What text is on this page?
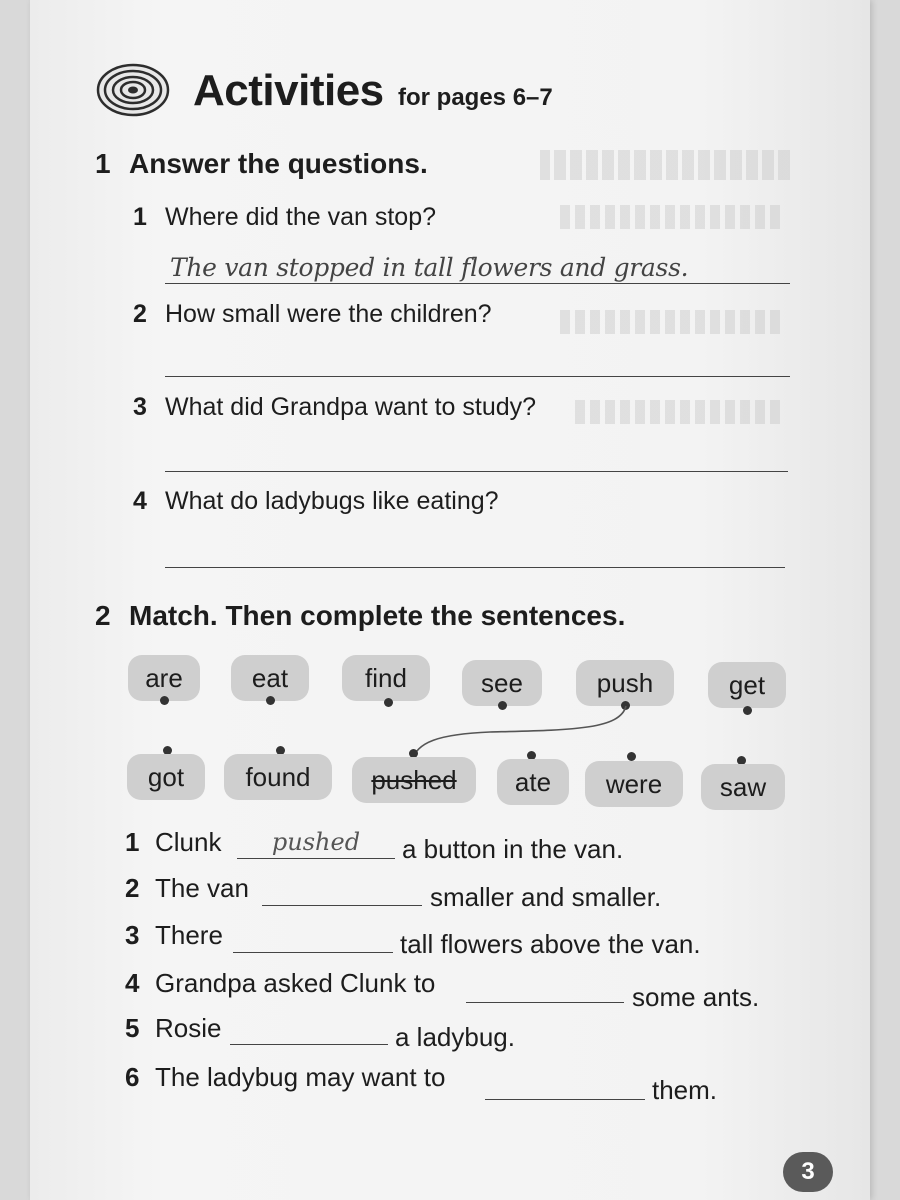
Activities for pages 6–7
1 Answer the questions.
1 Where did the van stop?
The van stopped in tall flowers and grass.
2 How small were the children?
3 What did Grandpa want to study?
4 What do ladybugs like eating?
2 Match. Then complete the sentences.
are	eat	find	see	push	get
got	found	pushed	ate	were	saw
1 Clunk	pushed	a button in the van.
2 The van	smaller and smaller.
3 There	tall flowers above the van.
4 Grandpa asked Clunk to	some ants.
5 Rosie	a ladybug.
6 The ladybug may want to	them.
3
